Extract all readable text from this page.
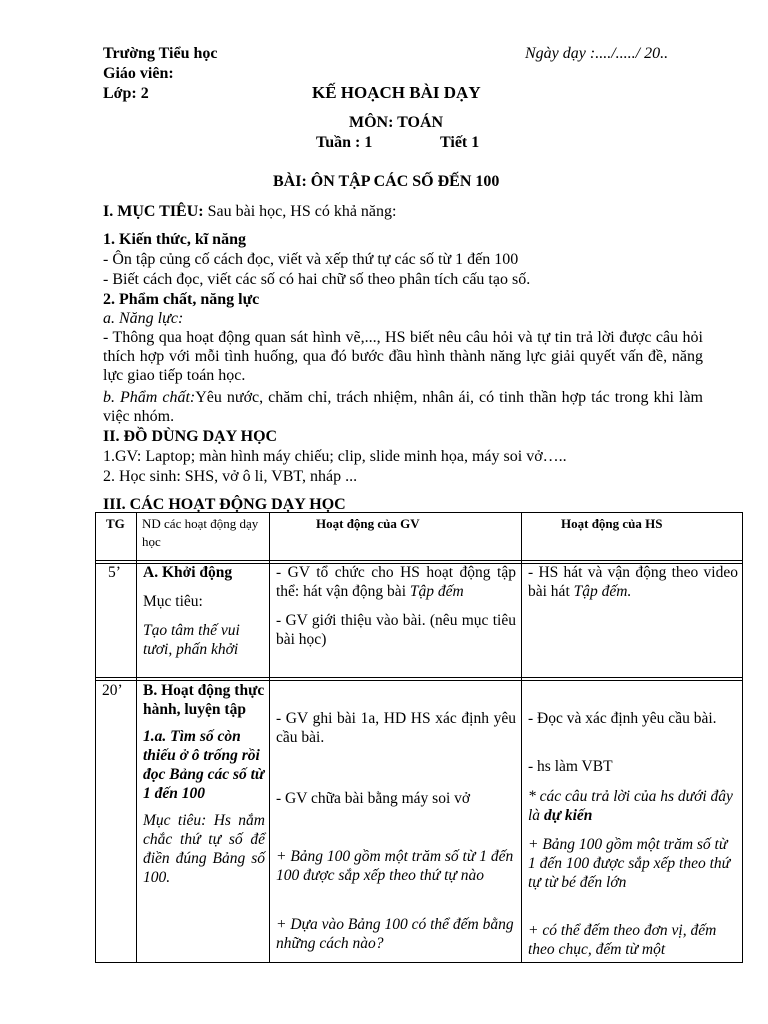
Trường Tiểu học
Giáo viên:
Lớp: 2
Ngày dạy :..../...../ 20..
KẾ HOẠCH BÀI DẠY
MÔN: TOÁN
Tuần : 1	Tiết 1
BÀI: ÔN TẬP CÁC SỐ ĐẾN 100
I. MỤC TIÊU: Sau bài học, HS có khả năng:
1. Kiến thức, kĩ năng
- Ôn tập củng cố cách đọc, viết và xếp thứ tự các số từ 1 đến 100
- Biết cách đọc, viết các số có hai chữ số theo phân tích cấu tạo số.
2. Phẩm chất, năng lực
a. Năng lực:
- Thông qua hoạt động quan sát hình vẽ,..., HS biết nêu câu hỏi và tự tin trả lời được câu hỏi thích hợp với mỗi tình huống, qua đó bước đầu hình thành năng lực giải quyết vấn đề, năng lực giao tiếp toán học.
b. Phẩm chất:Yêu nước, chăm chỉ, trách nhiệm, nhân ái, có tinh thần hợp tác trong khi làm việc nhóm.
II. ĐỒ DÙNG DẠY HỌC
1.GV: Laptop; màn hình máy chiếu; clip, slide minh họa, máy soi vở…..
2. Học sinh: SHS, vở ô li, VBT, nháp ...
III. CÁC HOẠT ĐỘNG DẠY HỌC
TG ND các hoạt động dạy học
Hoạt động của GV	Hoạt động của HS
5’ A. Khởi động

Mục tiêu:

Tạo tâm thế vui tươi, phấn khởi

- GV tổ chức cho HS hoạt động tập thể: hát vận động bài Tập đếm

- GV giới thiệu vào bài. (nêu mục tiêu bài học)

- HS hát và vận động theo video bài hát Tập đếm.

20’ B. Hoạt động thực hành, luyện tập

1.a. Tìm số còn thiếu ở ô trống rồi đọc Bảng các số từ 1 đến 100

Mục tiêu: Hs nắm chắc thứ tự số để điền đúng Bảng số 100.

- GV ghi bài 1a, HD HS xác định yêu cầu bài.
- GV chữa bài bằng máy soi vở
+ Bảng 100 gồm một trăm số từ 1 đến 100 được sắp xếp theo thứ tự nào
+ Dựa vào Bảng 100 có thể đếm bằng những cách nào?
- Đọc và xác định yêu cầu bài.
- hs làm VBT
* các câu trả lời của hs dưới đây là dự kiến
+ Bảng 100 gồm một trăm số từ 1 đến 100 được sắp xếp theo thứ tự từ bé đến lớn
+ có thể đếm theo đơn vị, đếm theo chục, đếm từ một
